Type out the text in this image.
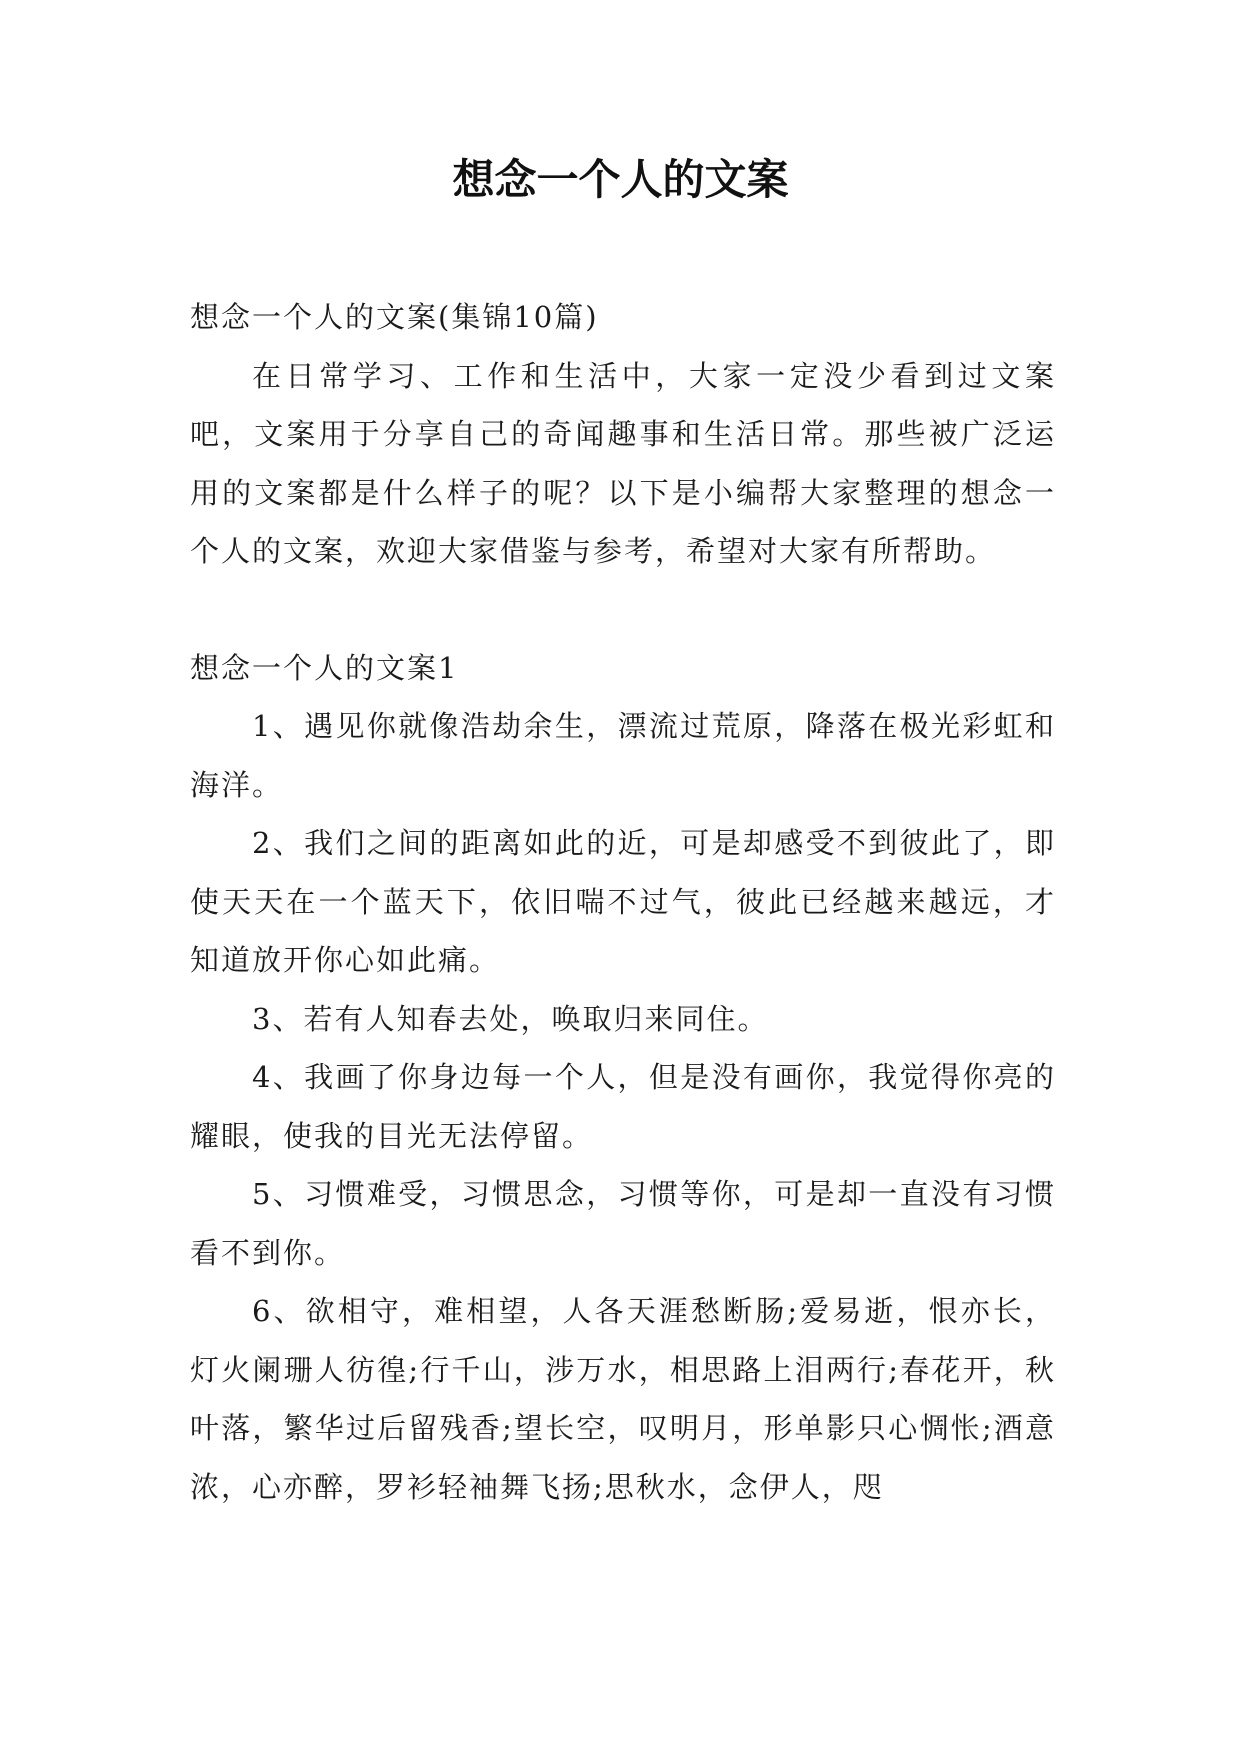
想念一个人的文案

想念一个人的文案(集锦10篇)

在日常学习、工作和生活中，大家一定没少看到过文案吧，文案用于分享自己的奇闻趣事和生活日常。那些被广泛运用的文案都是什么样子的呢？以下是小编帮大家整理的想念一个人的文案，欢迎大家借鉴与参考，希望对大家有所帮助。

想念一个人的文案1

1、遇见你就像浩劫余生，漂流过荒原，降落在极光彩虹和海洋。

2、我们之间的距离如此的近，可是却感受不到彼此了，即使天天在一个蓝天下，依旧喘不过气，彼此已经越来越远，才知道放开你心如此痛。

3、若有人知春去处，唤取归来同住。

4、我画了你身边每一个人，但是没有画你，我觉得你亮的耀眼，使我的目光无法停留。

5、习惯难受，习惯思念，习惯等你，可是却一直没有习惯看不到你。

6、欲相守，难相望，人各天涯愁断肠;爱易逝，恨亦长，灯火阑珊人彷徨;行千山，涉万水，相思路上泪两行;春花开，秋叶落，繁华过后留残香;望长空，叹明月，形单影只心惆怅;酒意浓，心亦醉，罗衫轻袖舞飞扬;思秋水，念伊人，咫
